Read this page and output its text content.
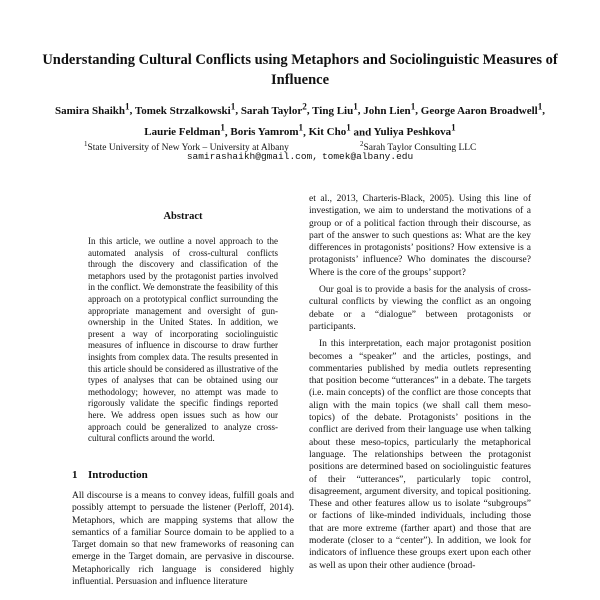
Understanding Cultural Conflicts using Metaphors and Sociolinguistic Measures of Influence
Samira Shaikh$^1$, Tomek Strzalkowski$^1$, Sarah Taylor$^2$, Ting Liu$^1$, John Lien$^1$, George Aaron Broadwell$^1$, Laurie Feldman$^1$, Boris Yamrom$^1$, Kit Cho$^1$ and Yuliya Peshkova$^1$
$^1$State University of New York – University at Albany	$^2$Sarah Taylor Consulting LLC
samirashaikh@gmail.com, tomek@albany.edu
Abstract
In this article, we outline a novel approach to the automated analysis of cross-cultural conflicts through the discovery and classification of the metaphors used by the protagonist parties involved in the conflict. We demonstrate the feasibility of this approach on a prototypical conflict surrounding the appropriate management and oversight of gun-ownership in the United States. In addition, we present a way of incorporating sociolinguistic measures of influence in discourse to draw further insights from complex data. The results presented in this article should be considered as illustrative of the types of analyses that can be obtained using our methodology; however, no attempt was made to rigorously validate the specific findings reported here. We address open issues such as how our approach could be generalized to analyze cross-cultural conflicts around the world.
1 Introduction
All discourse is a means to convey ideas, fulfill goals and possibly attempt to persuade the listener (Perloff, 2014). Metaphors, which are mapping systems that allow the semantics of a familiar Source domain to be applied to a Target domain so that new frameworks of reasoning can emerge in the Target domain, are pervasive in discourse. Metaphorically rich language is considered highly influential. Persuasion and influence literature

et al., 2013, Charteris-Black, 2005). Using this line of investigation, we aim to understand the motivations of a group or of a political faction through their discourse, as part of the answer to such questions as: What are the key differences in protagonists’ positions? How extensive is a protagonists’ influence? Who dominates the discourse? Where is the core of the groups’ support?

Our goal is to provide a basis for the analysis of cross-cultural conflicts by viewing the conflict as an ongoing debate or a “dialogue” between protagonists or participants.

In this interpretation, each major protagonist position becomes a “speaker” and the articles, postings, and commentaries published by media outlets representing that position become “utterances” in a debate. The targets (i.e. main concepts) of the conflict are those concepts that align with the main topics (we shall call them meso-topics) of the debate. Protagonists’ positions in the conflict are derived from their language use when talking about these meso-topics, particularly the metaphorical language. The relationships between the protagonist positions are determined based on sociolinguistic features of their “utterances”, particularly topic control, disagreement, argument diversity, and topical positioning. These and other features allow us to isolate “subgroups” or factions of like-minded individuals, including those that are more extreme (farther apart) and those that are moderate (closer to a “center”). In addition, we look for indicators of influence these groups exert upon each other as well as upon their other audience (broad-
